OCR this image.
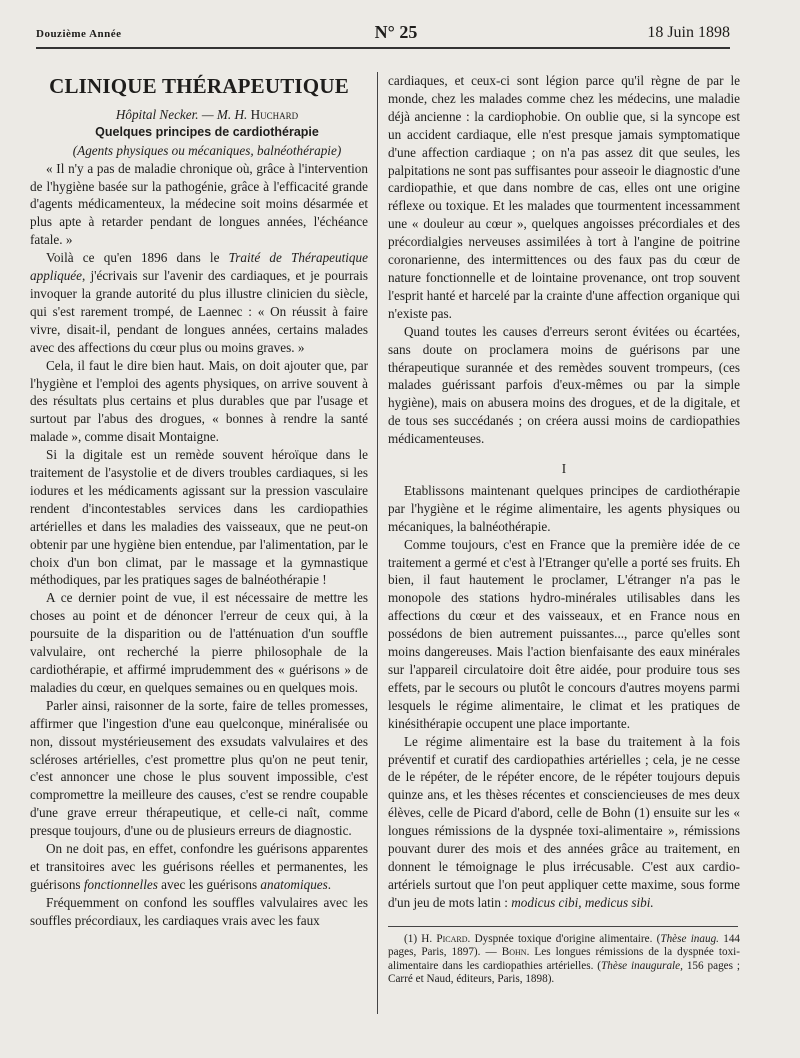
Douzième Année	N° 25	18 Juin 1898
CLINIQUE THÉRAPEUTIQUE

Hôpital Necker. — M. H. Huchard

Quelques principes de cardiothérapie

(Agents physiques ou mécaniques, balnéothérapie)

« Il n'y a pas de maladie chronique où, grâce à l'intervention de l'hygiène basée sur la pathogénie, grâce à l'efficacité grande d'agents médicamenteux, la médecine soit moins désarmée et plus apte à retarder pendant de longues années, l'échéance fatale. »

Voilà ce qu'en 1896 dans le Traité de Thérapeutique appliquée, j'écrivais sur l'avenir des cardiaques, et je pourrais invoquer la grande autorité du plus illustre clinicien du siècle, qui s'est rarement trompé, de Laennec : « On réussit à faire vivre, disait-il, pendant de longues années, certains malades avec des affections du cœur plus ou moins graves. »

Cela, il faut le dire bien haut. Mais, on doit ajouter que, par l'hygiène et l'emploi des agents physiques, on arrive souvent à des résultats plus certains et plus durables que par l'usage et surtout par l'abus des drogues, « bonnes à rendre la santé malade », comme disait Montaigne.

Si la digitale est un remède souvent héroïque dans le traitement de l'asystolie et de divers troubles cardiaques, si les iodures et les médicaments agissant sur la pression vasculaire rendent d'incontestables services dans les cardiopathies artérielles et dans les maladies des vaisseaux, que ne peut-on obtenir par une hygiène bien entendue, par l'alimentation, par le choix d'un bon climat, par le massage et la gymnastique méthodiques, par les pratiques sages de balnéothérapie !

A ce dernier point de vue, il est nécessaire de mettre les choses au point et de dénoncer l'erreur de ceux qui, à la poursuite de la disparition ou de l'atténuation d'un souffle valvulaire, ont recherché la pierre philosophale de la cardiothérapie, et affirmé imprudemment des « guérisons » de maladies du cœur, en quelques semaines ou en quelques mois.

Parler ainsi, raisonner de la sorte, faire de telles promesses, affirmer que l'ingestion d'une eau quelconque, minéralisée ou non, dissout mystérieusement des exsudats valvulaires et des scléroses artérielles, c'est promettre plus qu'on ne peut tenir, c'est annoncer une chose le plus souvent impossible, c'est compromettre la meilleure des causes, c'est se rendre coupable d'une grave erreur thérapeutique, et celle-ci naît, comme presque toujours, d'une ou de plusieurs erreurs de diagnostic.

On ne doit pas, en effet, confondre les guérisons apparentes et transitoires avec les guérisons réelles et permanentes, les guérisons fonctionnelles avec les guérisons anatomiques.

Fréquemment on confond les souffles valvulaires avec les souffles précordiaux, les cardiaques vrais avec les faux

cardiaques, et ceux-ci sont légion parce qu'il règne de par le monde, chez les malades comme chez les médecins, une maladie déjà ancienne : la cardiophobie. On oublie que, si la syncope est un accident cardiaque, elle n'est presque jamais symptomatique d'une affection cardiaque ; on n'a pas assez dit que seules, les palpitations ne sont pas suffisantes pour asseoir le diagnostic d'une cardiopathie, et que dans nombre de cas, elles ont une origine réflexe ou toxique. Et les malades que tourmentent incessamment une « douleur au cœur », quelques angoisses précordiales et des précordialgies nerveuses assimilées à tort à l'angine de poitrine coronarienne, des intermittences ou des faux pas du cœur de nature fonctionnelle et de lointaine provenance, ont trop souvent l'esprit hanté et harcelé par la crainte d'une affection organique qui n'existe pas.

Quand toutes les causes d'erreurs seront évitées ou écartées, sans doute on proclamera moins de guérisons par une thérapeutique surannée et des remèdes souvent trompeurs, (ces malades guérissant parfois d'eux-mêmes ou par la simple hygiène), mais on abusera moins des drogues, et de la digitale, et de tous ses succédanés ; on créera aussi moins de cardiopathies médicamenteuses.

I

Etablissons maintenant quelques principes de cardiothérapie par l'hygiène et le régime alimentaire, les agents physiques ou mécaniques, la balnéothérapie.

Comme toujours, c'est en France que la première idée de ce traitement a germé et c'est à l'Etranger qu'elle a porté ses fruits. Eh bien, il faut hautement le proclamer, L'étranger n'a pas le monopole des stations hydro-minérales utilisables dans les affections du cœur et des vaisseaux, et en France nous en possédons de bien autrement puissantes..., parce qu'elles sont moins dangereuses. Mais l'action bienfaisante des eaux minérales sur l'appareil circulatoire doit être aidée, pour produire tous ses effets, par le secours ou plutôt le concours d'autres moyens parmi lesquels le régime alimentaire, le climat et les pratiques de kinésithérapie occupent une place importante.

Le régime alimentaire est la base du traitement à la fois préventif et curatif des cardiopathies artérielles ; cela, je ne cesse de le répéter, de le répéter encore, de le répéter toujours depuis quinze ans, et les thèses récentes et consciencieuses de mes deux élèves, celle de Picard d'abord, celle de Bohn (1) ensuite sur les « longues rémissions de la dyspnée toxi-alimentaire », rémissions pouvant durer des mois et des années grâce au traitement, en donnent le témoignage le plus irrécusable. C'est aux cardio-artériels surtout que l'on peut appliquer cette maxime, sous forme d'un jeu de mots latin : modicus cibi, medicus sibi.

(1) H. Picard. Dyspnée toxique d'origine alimentaire. (Thèse inaug. 144 pages, Paris, 1897). — Bohn. Les longues rémissions de la dyspnée toxi-alimentaire dans les cardiopathies artérielles. (Thèse inaugurale, 156 pages ; Carré et Naud, éditeurs, Paris, 1898).
